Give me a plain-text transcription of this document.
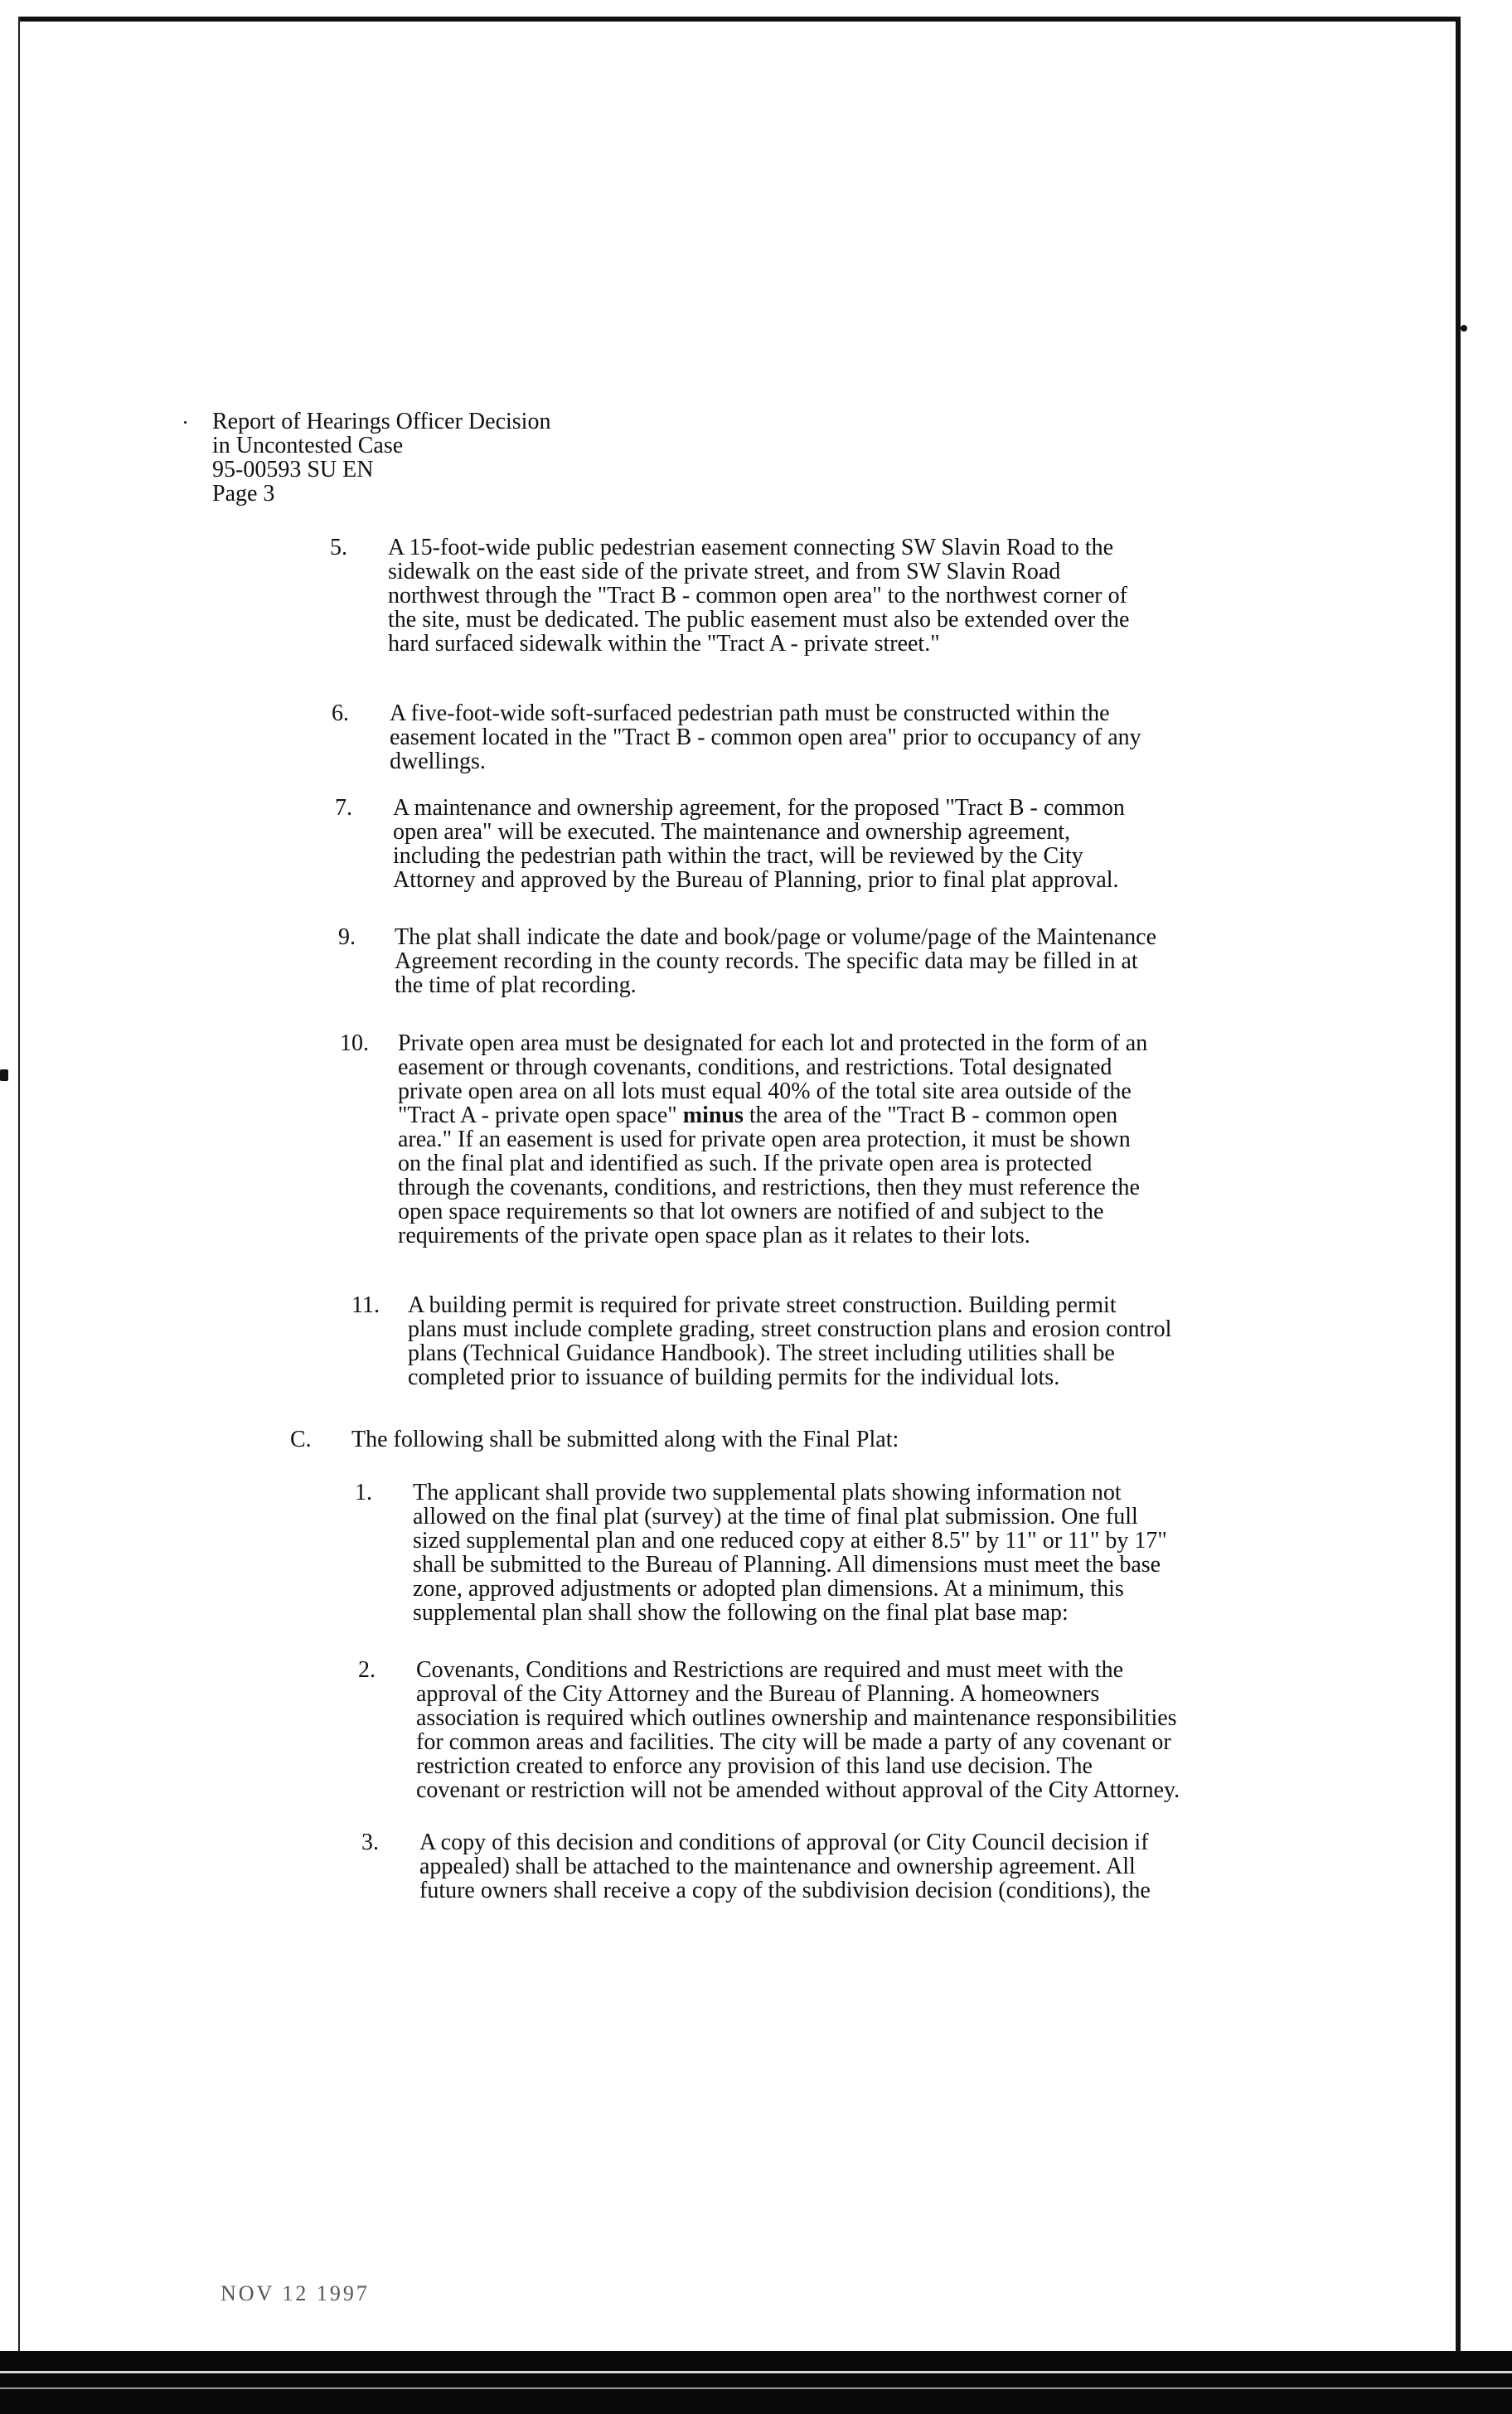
Report of Hearings Officer Decision
in Uncontested Case
95-00593 SU EN
Page 3
5. A 15-foot-wide public pedestrian easement connecting SW Slavin Road to the
sidewalk on the east side of the private street, and from SW Slavin Road
northwest through the "Tract B - common open area" to the northwest corner of
the site, must be dedicated. The public easement must also be extended over the
hard surfaced sidewalk within the "Tract A - private street."
6. A five-foot-wide soft-surfaced pedestrian path must be constructed within the
easement located in the "Tract B - common open area" prior to occupancy of any
dwellings.
7. A maintenance and ownership agreement, for the proposed "Tract B - common
open area" will be executed. The maintenance and ownership agreement,
including the pedestrian path within the tract, will be reviewed by the City
Attorney and approved by the Bureau of Planning, prior to final plat approval.
9. The plat shall indicate the date and book/page or volume/page of the Maintenance
Agreement recording in the county records. The specific data may be filled in at
the time of plat recording.
10. Private open area must be designated for each lot and protected in the form of an
easement or through covenants, conditions, and restrictions. Total designated
private open area on all lots must equal 40% of the total site area outside of the
"Tract A - private open space" minus the area of the "Tract B - common open
area." If an easement is used for private open area protection, it must be shown
on the final plat and identified as such. If the private open area is protected
through the covenants, conditions, and restrictions, then they must reference the
open space requirements so that lot owners are notified of and subject to the
requirements of the private open space plan as it relates to their lots.
11. A building permit is required for private street construction. Building permit
plans must include complete grading, street construction plans and erosion control
plans (Technical Guidance Handbook). The street including utilities shall be
completed prior to issuance of building permits for the individual lots.
C. The following shall be submitted along with the Final Plat:
1. The applicant shall provide two supplemental plats showing information not
allowed on the final plat (survey) at the time of final plat submission. One full
sized supplemental plan and one reduced copy at either 8.5" by 11" or 11" by 17"
shall be submitted to the Bureau of Planning. All dimensions must meet the base
zone, approved adjustments or adopted plan dimensions. At a minimum, this
supplemental plan shall show the following on the final plat base map:
2. Covenants, Conditions and Restrictions are required and must meet with the
approval of the City Attorney and the Bureau of Planning. A homeowners
association is required which outlines ownership and maintenance responsibilities
for common areas and facilities. The city will be made a party of any covenant or
restriction created to enforce any provision of this land use decision. The
covenant or restriction will not be amended without approval of the City Attorney.
3. A copy of this decision and conditions of approval (or City Council decision if
appealed) shall be attached to the maintenance and ownership agreement. All
future owners shall receive a copy of the subdivision decision (conditions), the
NOV 12 1997
